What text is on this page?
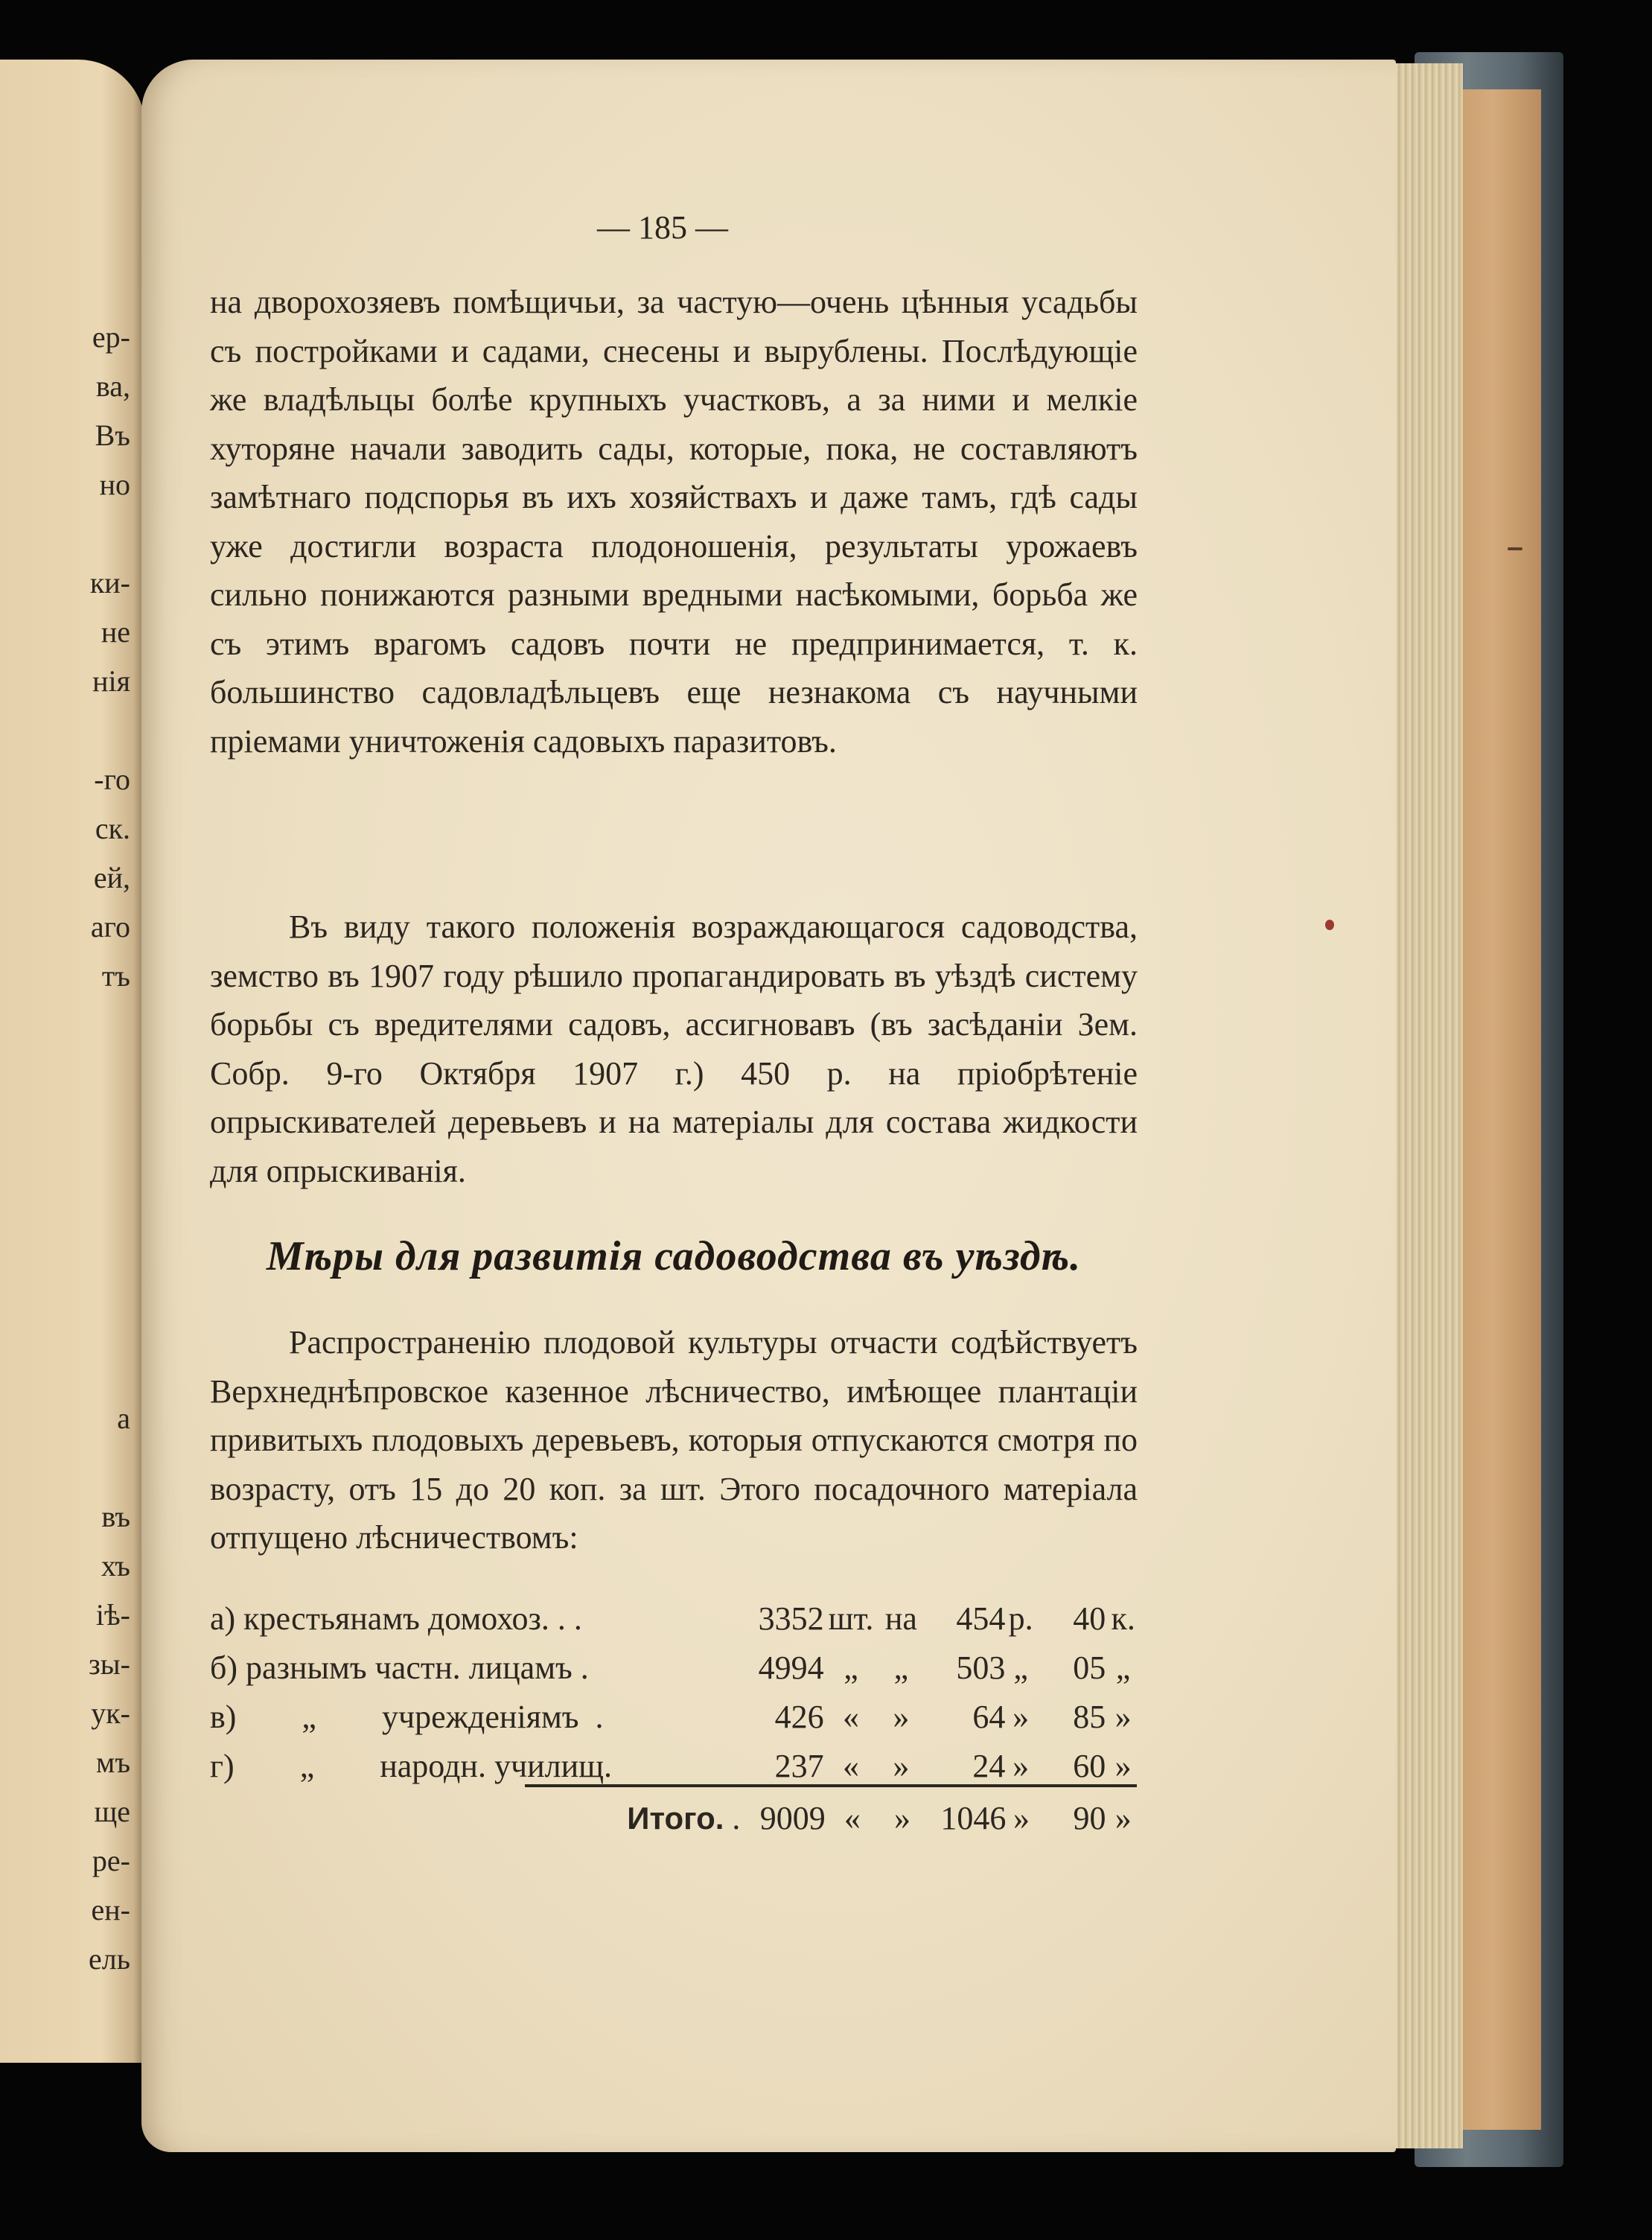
ер-
ва,
Въ
но
ки-
не
нія
-го
ск.
ей,
аго
тъ
а
въ
хъ
іѣ-
зы-
ук-
мъ
ще
ре-
ен-
ель
— 185 —

на дворохозяевъ помѣщичьи, за частую—очень цѣнныя усадьбы съ постройками и садами, снесены и вырублены. Послѣдующіе же владѣльцы болѣе крупныхъ участковъ, а за ними и мелкіе хуторяне начали заводить сады, которые, пока, не составляютъ замѣтнаго подспорья въ ихъ хозяйствахъ и даже тамъ, гдѣ сады уже достигли возраста плодоношенія, результаты урожаевъ сильно понижаются разными вредными насѣкомыми, борьба же съ этимъ врагомъ садовъ почти не предпринимается, т. к. большинство садовладѣльцевъ еще незнакома съ научными пріемами уничтоженія садовыхъ паразитовъ.

Въ виду такого положенія возраждающагося садоводства, земство въ 1907 году рѣшило пропагандировать въ уѣздѣ систему борьбы съ вредителями садовъ, ассигновавъ (въ засѣданіи Зем. Собр. 9-го Октября 1907 г.) 450 р. на пріобрѣтеніе опрыскивателей деревьевъ и на матеріалы для состава жидкости для опрыскиванія.

Мѣры для развитія садоводства въ уѣздѣ.

Распространенію плодовой культуры отчасти содѣйствуетъ Верхнеднѣпровское казенное лѣсничество, имѣющее плантаціи привитыхъ плодовыхъ деревьевъ, которыя отпускаются смотря по возрасту, отъ 15 до 20 коп. за шт. Этого посадочного матеріала отпущено лѣсничествомъ:

а) крестьянамъ домохоз. . .	3352	шт.	на	454	р.	40	к.
б) разнымъ частн. лицамъ .	4994	„	„	503	„	05	„
в)        „        учрежденіямъ  .	426	«	»	64	»	85	»
г)        „        народн. училищ.	237	«	»	24	»	60	»
Итого. .	9009	«	»	1046	»	90	»
